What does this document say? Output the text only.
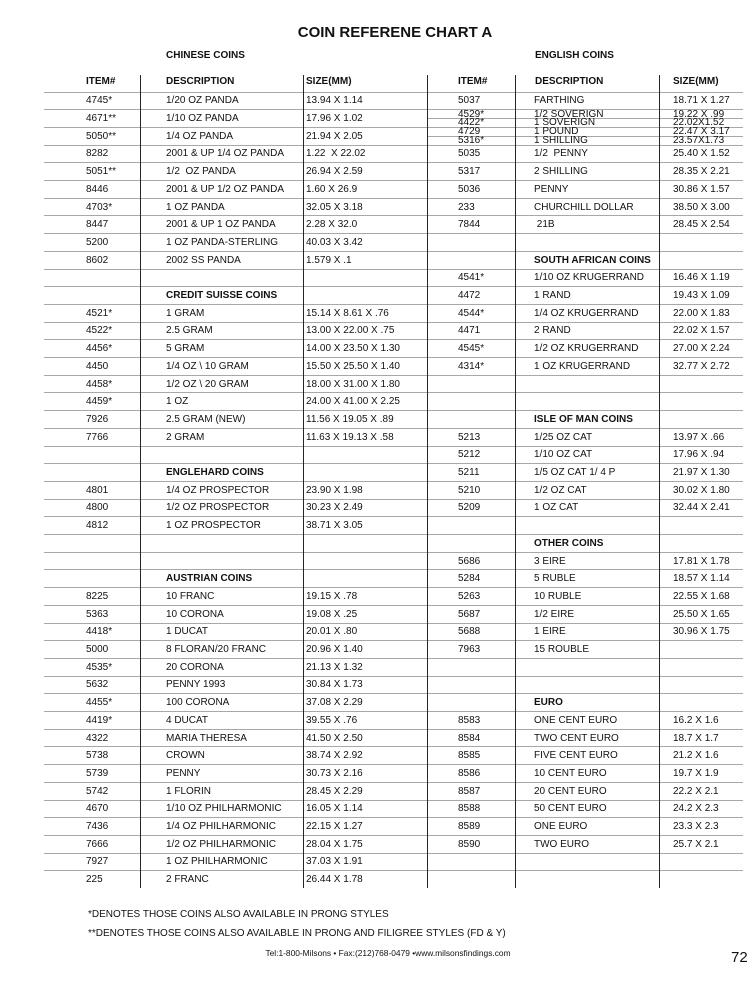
COIN REFERENE CHART A
CHINESE COINS
ITEM#	DESCRIPTION	SIZE(MM)
4745*	1/20 OZ PANDA	13.94 X 1.14
4671**	1/10 OZ PANDA	17.96 X 1.02
5050**	1/4 OZ PANDA	21.94 X 2.05
8282	2001 & UP 1/4 OZ PANDA 1.22  X 22.02
5051**	1/2  OZ PANDA	26.94 X 2.59
8446	2001 & UP 1/2 OZ PANDA 1.60 X 26.9
4703*	1 OZ PANDA	32.05 X 3.18
8447	2001 & UP 1 OZ PANDA	2.28 X 32.0
5200	1 OZ PANDA-STERLING	40.03 X 3.42
8602	2002 SS PANDA	1.579 X .1
CREDIT SUISSE COINS
4521*	1 GRAM	15.14 X 8.61 X .76
4522*	2.5 GRAM	13.00 X 22.00 X .75
4456*	5 GRAM	14.00 X 23.50 X 1.30
4450	1/4 OZ \ 10 GRAM	15.50 X 25.50 X 1.40
4458*	1/2 OZ \ 20 GRAM	18.00 X 31.00 X 1.80
4459*	1 OZ	24.00 X 41.00 X 2.25
7926	2.5 GRAM (NEW)	11.56 X 19.05 X .89
7766	2 GRAM	11.63 X 19.13 X .58
ENGLEHARD COINS
4801	1/4 OZ PROSPECTOR	23.90 X 1.98
4800	1/2 OZ PROSPECTOR	30.23 X 2.49
4812	1 OZ PROSPECTOR	38.71 X 3.05
AUSTRIAN COINS
8225	10 FRANC	19.15 X .78
5363	10 CORONA	19.08 X .25
4418*	1 DUCAT	20.01 X .80
5000	8 FLORAN/20 FRANC	20.96 X 1.40
4535*	20 CORONA	21.13 X 1.32
5632	PENNY 1993	30.84 X 1.73
4455*	100 CORONA	37.08 X 2.29
4419*	4 DUCAT	39.55 X .76
4322	MARIA THERESA	41.50 X 2.50
5738	CROWN	38.74 X 2.92
5739	PENNY	30.73 X 2.16
5742	1 FLORIN	28.45 X 2.29
4670	1/10 OZ PHILHARMONIC 16.05 X 1.14
7436	1/4 OZ PHILHARMONIC	22.15 X 1.27
7666	1/2 OZ PHILHARMONIC	28.04 X 1.75
7927	1 OZ PHILHARMONIC	37.03 X 1.91
225	2 FRANC	26.44 X 1.78
ENGLISH COINS
ITEM#	DESCRIPTION	SIZE(MM)
5037	FARTHING	18.71 X 1.27
4529*	1/2 SOVERIGN	19.22 X .99
4422*	1 SOVERIGN	22.02X1.52
4729	1 POUND	22.47 X 3.17
5316*	1 SHILLING	23.57X1.73
5035	1/2  PENNY	25.40 X 1.52
5317	2 SHILLING	28.35 X 2.21
5036	PENNY	30.86 X 1.57
233	CHURCHILL DOLLAR	38.50 X 3.00
7844	21B	28.45 X 2.54
SOUTH AFRICAN COINS
4541*	1/10 OZ KRUGERRAND	16.46 X 1.19
4472	1 RAND	19.43 X 1.09
4544*	1/4 OZ KRUGERRAND	22.00 X 1.83
4471	2 RAND	22.02 X 1.57
4545*	1/2 OZ KRUGERRAND	27.00 X 2.24
4314*	1 OZ KRUGERRAND	32.77 X 2.72
ISLE OF MAN COINS
5213	1/25 OZ CAT	13.97 X .66
5212	1/10 OZ CAT	17.96 X .94
5211	1/5 OZ CAT 1/ 4 P	21.97 X 1.30
5210	1/2 OZ CAT	30.02 X 1.80
5209	1 OZ CAT	32.44 X 2.41
OTHER COINS
5686	3 EIRE	17.81 X 1.78
5284	5 RUBLE	18.57 X 1.14
5263	10 RUBLE	22.55 X 1.68
5687	1/2 EIRE	25.50 X 1.65
5688	1 EIRE	30.96 X 1.75
7963	15 ROUBLE
EURO
8583	ONE CENT EURO	16.2 X 1.6
8584	TWO CENT EURO	18.7 X 1.7
8585	FIVE CENT EURO	21.2 X 1.6
8586	10 CENT EURO	19.7 X 1.9
8587	20 CENT EURO	22.2 X 2.1
8588	50 CENT EURO	24.2 X 2.3
8589	ONE EURO	23.3 X 2.3
8590	TWO EURO	25.7 X 2.1
*DENOTES THOSE COINS ALSO AVAILABLE IN PRONG STYLES
**DENOTES THOSE COINS ALSO AVAILABLE IN PRONG AND FILIGREE STYLES (FD & Y)
Tel:1-800-Milsons • Fax:(212)768-0479 •www.milsonsfindings.com	72
